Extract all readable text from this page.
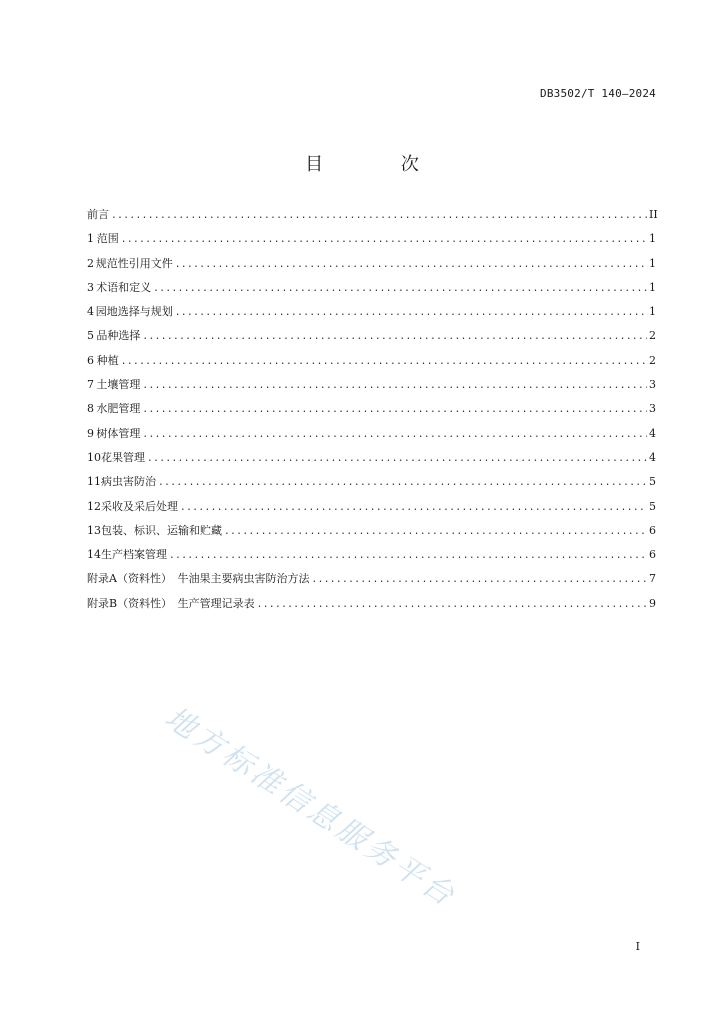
DB3502/T 140—2024
目 次
前言 .....	II
1 范围 .....	1
2 规范性引用文件 .....	1
3 术语和定义 .....	1
4 园地选择与规划 .....	1
5 品种选择 .....	2
6 种植 .....	2
7 土壤管理 .....	3
8 水肥管理 .....	3
9 树体管理 .....	4
10 花果管理 .....	4
11 病虫害防治 .....	5
12 采收及采后处理 .....	5
13 包装、标识、运输和贮藏 .....	6
14 生产档案管理 .....	6
附录A （资料性）　牛油果主要病虫害防治方法 .....	7
附录B （资料性）　生产管理记录表 .....	9
地方标准信息服务平台
I
